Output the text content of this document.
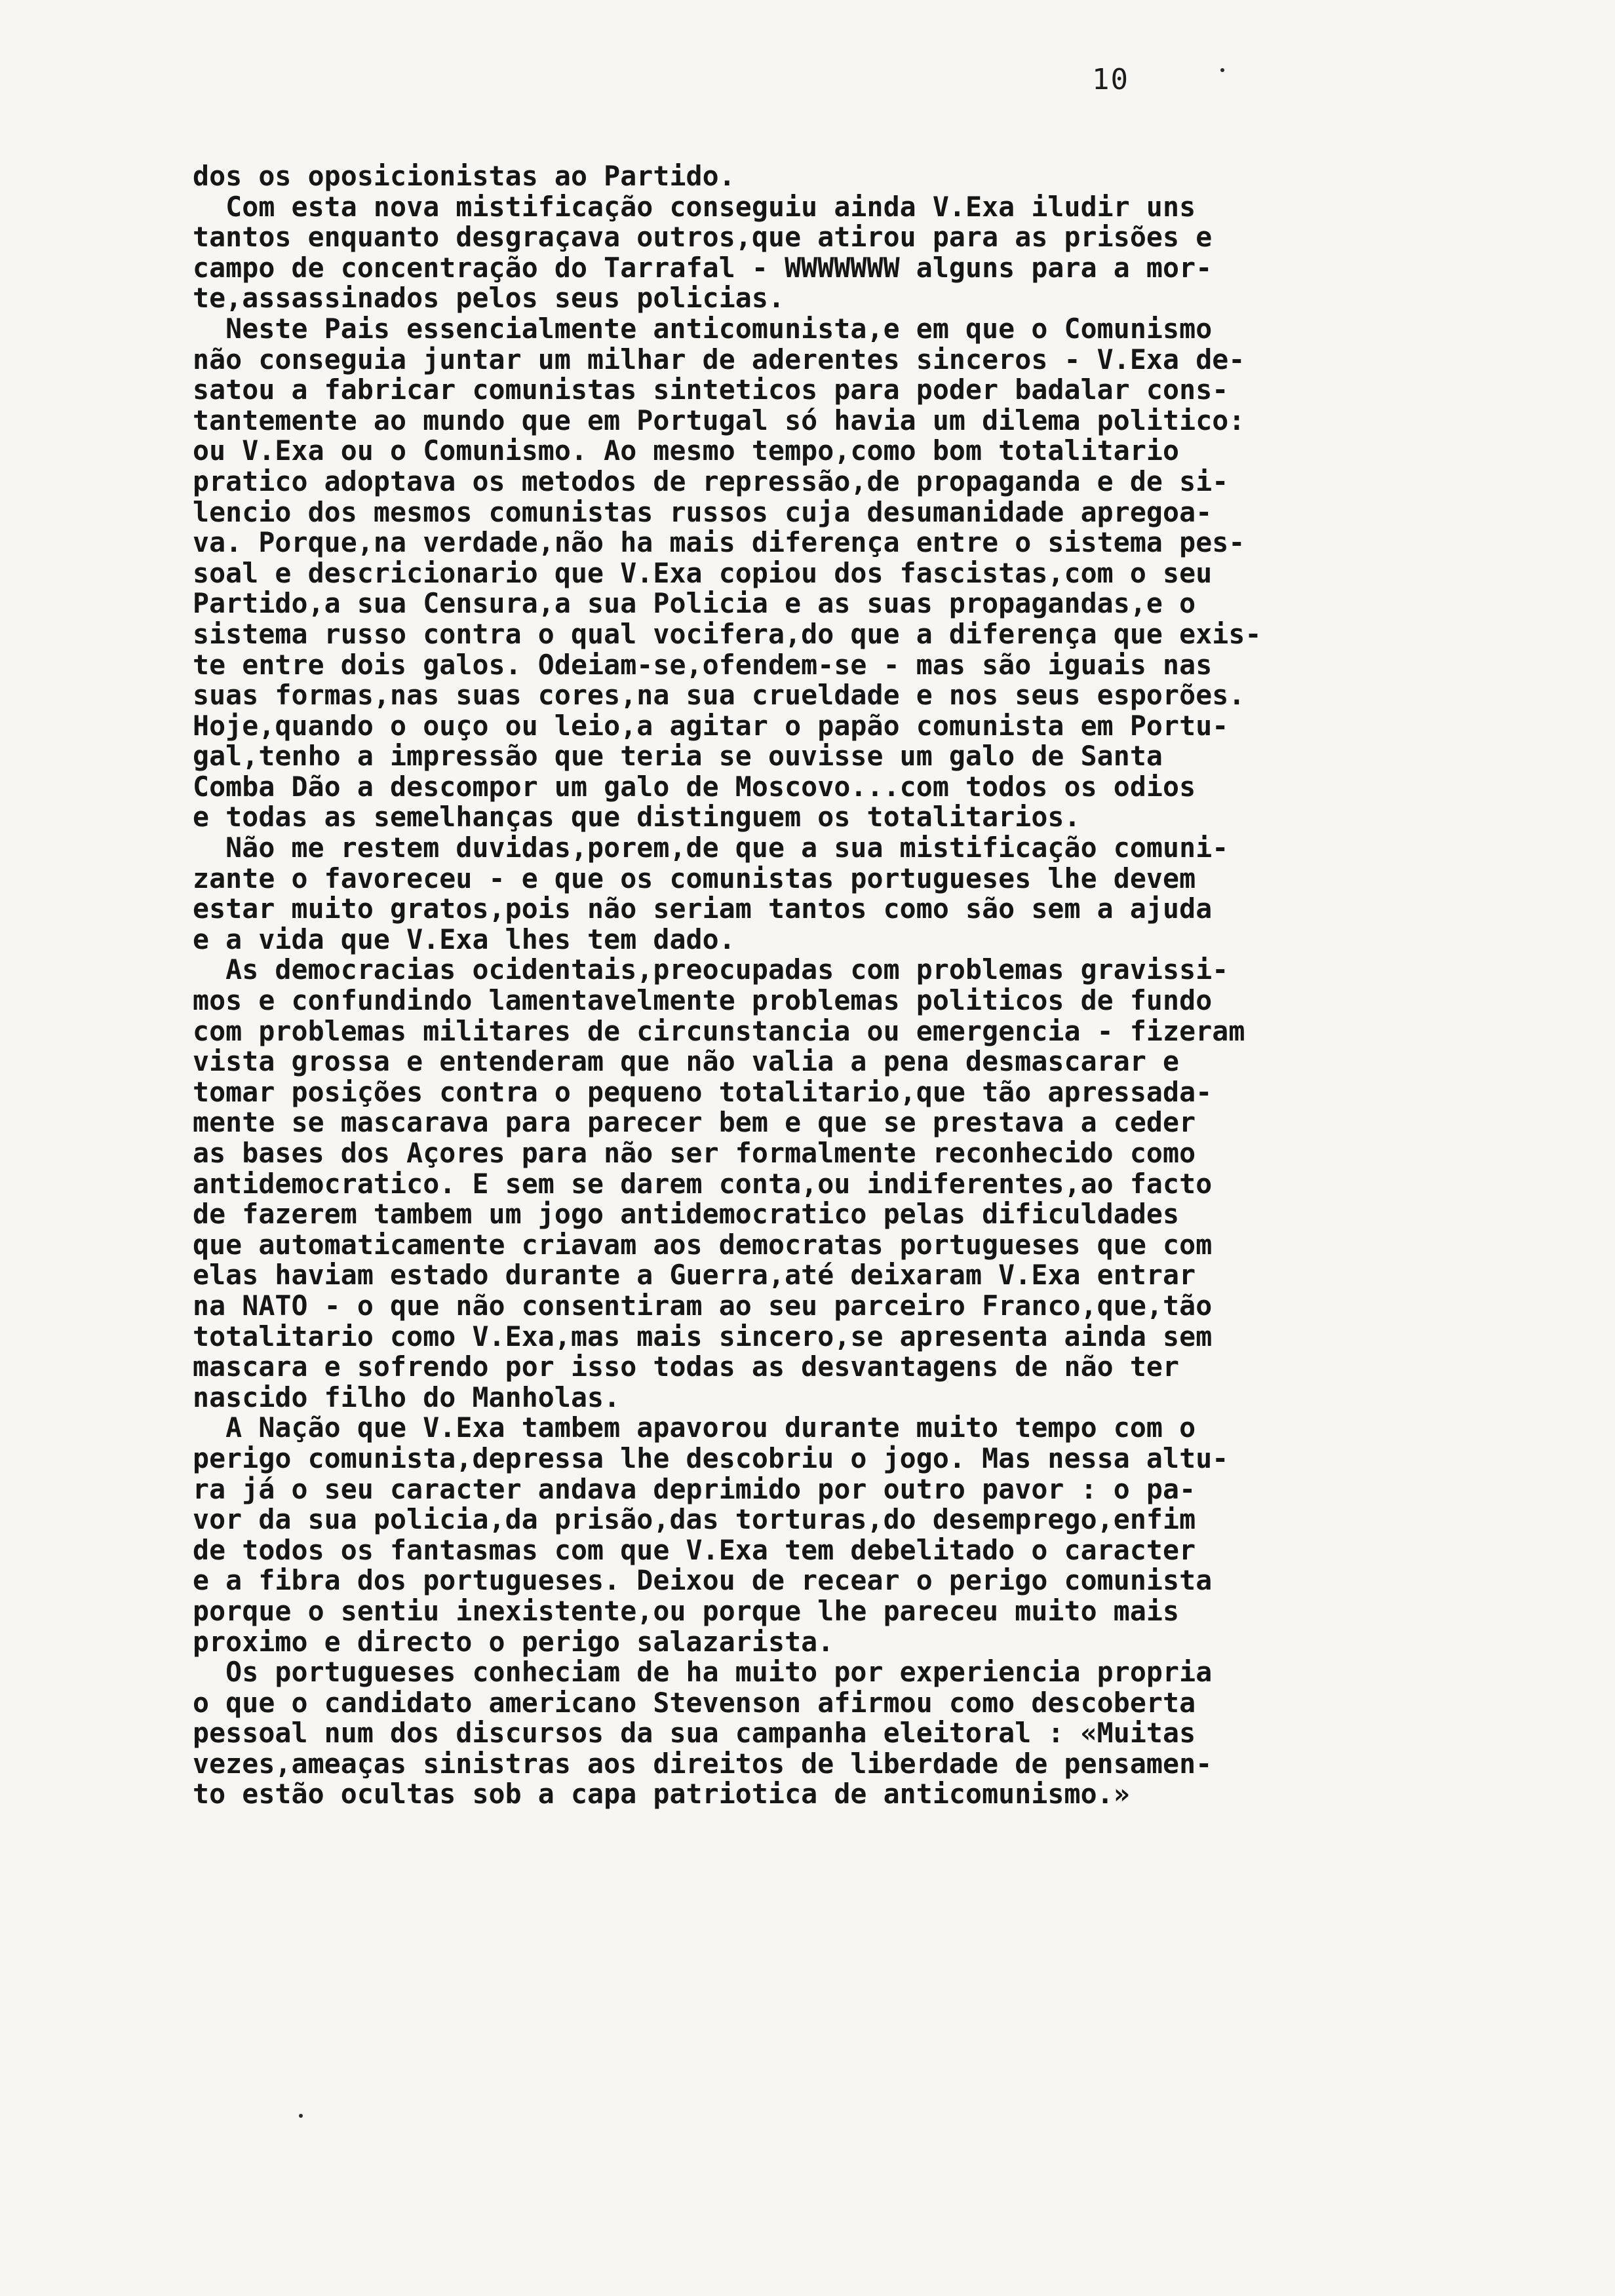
10
dos os oposicionistas ao Partido.
Com esta nova mistificação conseguiu ainda V.Exa iludir uns
tantos enquanto desgraçava outros,que atirou para as prisões e
campo de concentração do Tarrafal - WWWWWWW alguns para a mor-
te,assassinados pelos seus policias.
Neste Pais essencialmente anticomunista,e em que o Comunismo
não conseguia juntar um milhar de aderentes sinceros - V.Exa de-
satou a fabricar comunistas sinteticos para poder badalar cons-
tantemente ao mundo que em Portugal só havia um dilema politico:
ou V.Exa ou o Comunismo. Ao mesmo tempo,como bom totalitario
pratico adoptava os metodos de repressão,de propaganda e de si-
lencio dos mesmos comunistas russos cuja desumanidade apregoa-
va. Porque,na verdade,não ha mais diferença entre o sistema pes-
soal e descricionario que V.Exa copiou dos fascistas,com o seu
Partido,a sua Censura,a sua Policia e as suas propagandas,e o
sistema russo contra o qual vocifera,do que a diferença que exis-
te entre dois galos. Odeiam-se,ofendem-se - mas são iguais nas
suas formas,nas suas cores,na sua crueldade e nos seus esporões.
Hoje,quando o ouço ou leio,a agitar o papão comunista em Portu-
gal,tenho a impressão que teria se ouvisse um galo de Santa
Comba Dão a descompor um galo de Moscovo...com todos os odios
e todas as semelhanças que distinguem os totalitarios.
Não me restem duvidas,porem,de que a sua mistificação comuni-
zante o favoreceu - e que os comunistas portugueses lhe devem
estar muito gratos,pois não seriam tantos como são sem a ajuda
e a vida que V.Exa lhes tem dado.
As democracias ocidentais,preocupadas com problemas gravissi-
mos e confundindo lamentavelmente problemas politicos de fundo
com problemas militares de circunstancia ou emergencia - fizeram
vista grossa e entenderam que não valia a pena desmascarar e
tomar posições contra o pequeno totalitario,que tão apressada-
mente se mascarava para parecer bem e que se prestava a ceder
as bases dos Açores para não ser formalmente reconhecido como
antidemocratico. E sem se darem conta,ou indiferentes,ao facto
de fazerem tambem um jogo antidemocratico pelas dificuldades
que automaticamente criavam aos democratas portugueses que com
elas haviam estado durante a Guerra,até deixaram V.Exa entrar
na NATO - o que não consentiram ao seu parceiro Franco,que,tão
totalitario como V.Exa,mas mais sincero,se apresenta ainda sem
mascara e sofrendo por isso todas as desvantagens de não ter
nascido filho do Manholas.
A Nação que V.Exa tambem apavorou durante muito tempo com o
perigo comunista,depressa lhe descobriu o jogo. Mas nessa altu-
ra já o seu caracter andava deprimido por outro pavor : o pa-
vor da sua policia,da prisão,das torturas,do desemprego,enfim
de todos os fantasmas com que V.Exa tem debelitado o caracter
e a fibra dos portugueses. Deixou de recear o perigo comunista
porque o sentiu inexistente,ou porque lhe pareceu muito mais
proximo e directo o perigo salazarista.
Os portugueses conheciam de ha muito por experiencia propria
o que o candidato americano Stevenson afirmou como descoberta
pessoal num dos discursos da sua campanha eleitoral : «Muitas
vezes,ameaças sinistras aos direitos de liberdade de pensamen-
to estão ocultas sob a capa patriotica de anticomunismo.»
